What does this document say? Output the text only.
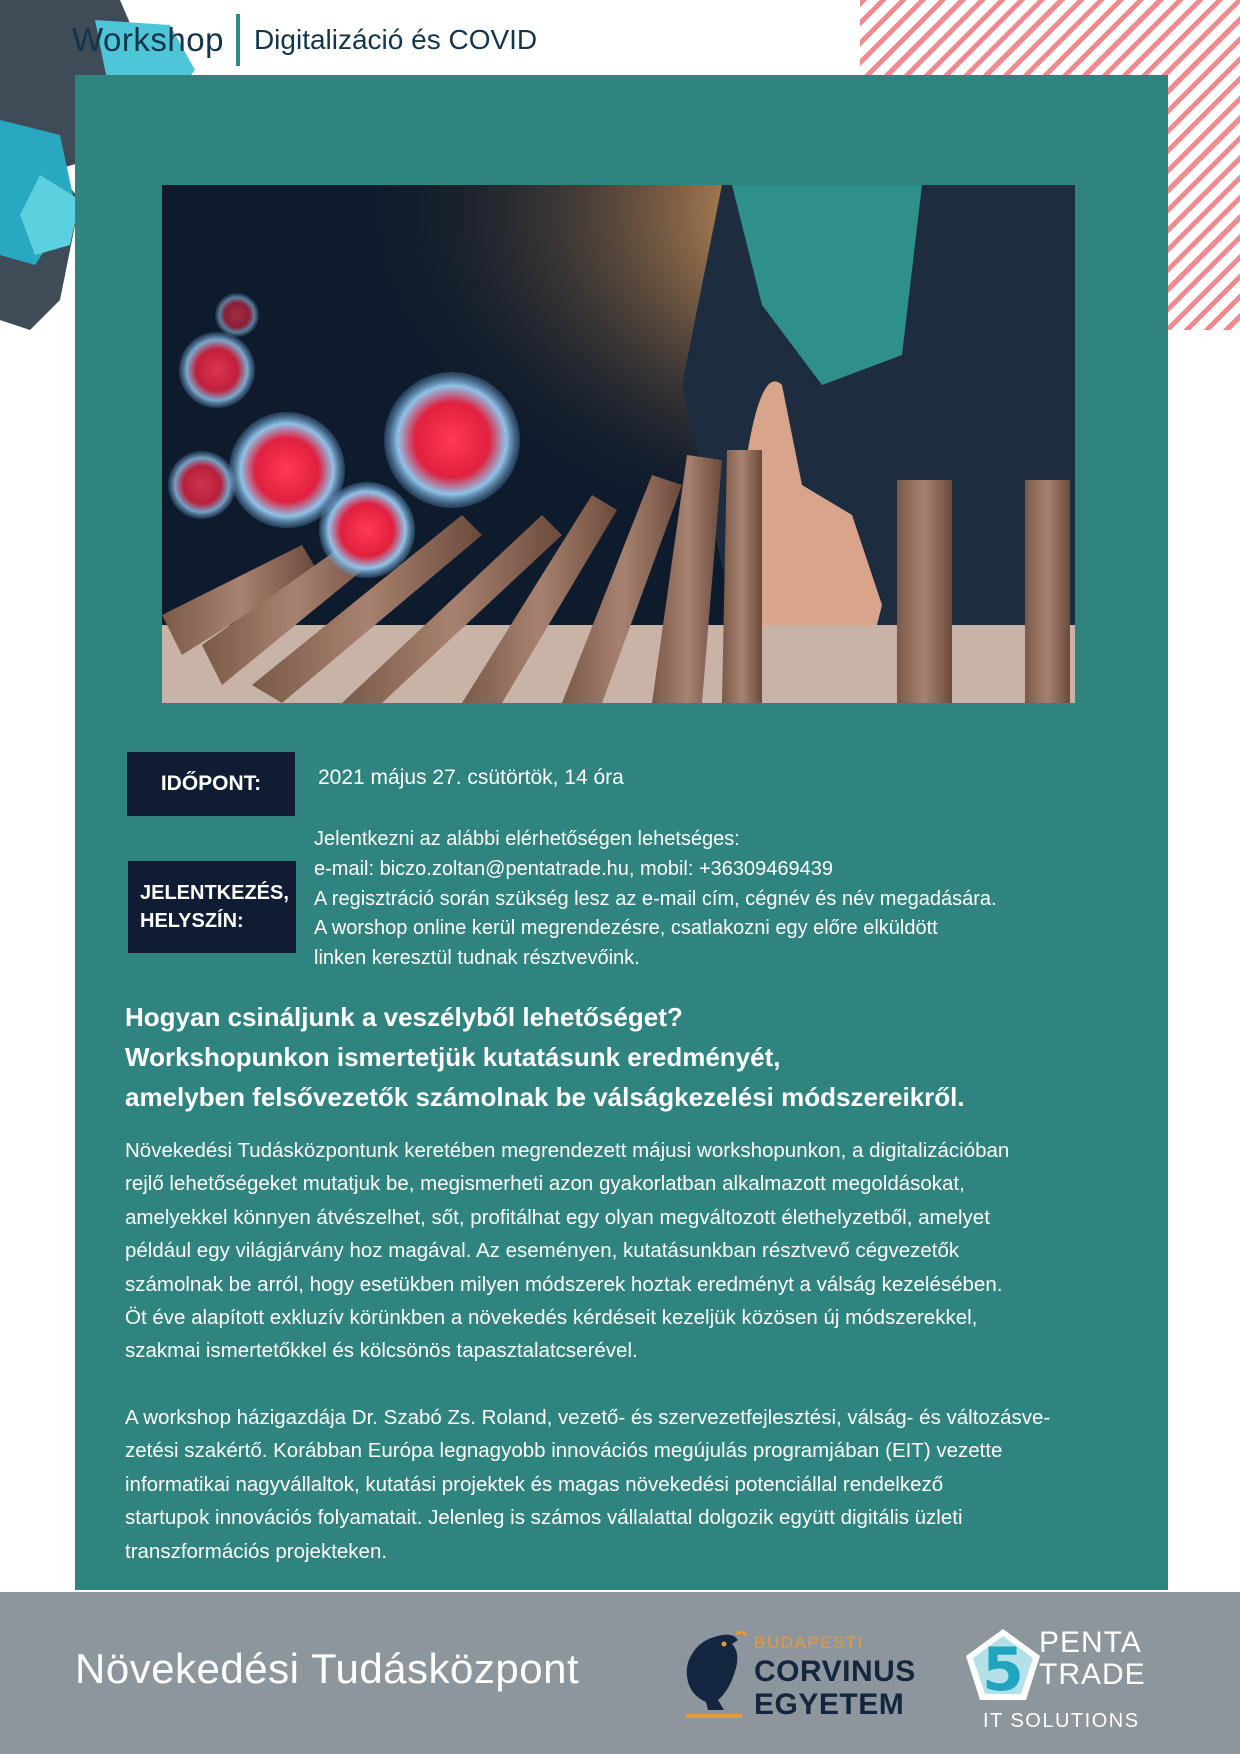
Workshop Digitalizáció és COVID
IDŐPONT:	2021 május 27. csütörtök, 14 óra
JELENTKEZÉS,
HELYSZÍN:
Jelentkezni az alábbi elérhetőségen lehetséges:
e-mail: biczo.zoltan@pentatrade.hu, mobil: +36309469439
A regisztráció során szükség lesz az e-mail cím, cégnév és név megadására.
A worshop online kerül megrendezésre, csatlakozni egy előre elküldött
linken keresztül tudnak résztvevőink.
Hogyan csináljunk a veszélyből lehetőséget?
Workshopunkon ismertetjük kutatásunk eredményét,
amelyben felsővezetők számolnak be válságkezelési módszereikről.
Növekedési Tudásközpontunk keretében megrendezett májusi workshopunkon, a digitalizációban
rejlő lehetőségeket mutatjuk be, megismerheti azon gyakorlatban alkalmazott megoldásokat,
amelyekkel könnyen átvészelhet, sőt, profitálhat egy olyan megváltozott élethelyzetből, amelyet
például egy világjárvány hoz magával. Az eseményen, kutatásunkban résztvevő cégvezetők
számolnak be arról, hogy esetükben milyen módszerek hoztak eredményt a válság kezelésében.
Öt éve alapított exkluzív körünkben a növekedés kérdéseit kezeljük közösen új módszerekkel,
szakmai ismertetőkkel és kölcsönös tapasztalatcserével.
A workshop házigazdája Dr. Szabó Zs. Roland, vezető- és szervezetfejlesztési, válság- és változásve-
zetési szakértő. Korábban Európa legnagyobb innovációs megújulás programjában (EIT) vezette
informatikai nagyvállaltok, kutatási projektek és magas növekedési potenciállal rendelkező
startupok innovációs folyamatait. Jelenleg is számos vállalattal dolgozik együtt digitális üzleti
transzformációs projekteken.
Növekedési Tudásközpont
BUDAPESTI
CORVINUS
EGYETEM 5 PENTA
TRADE
IT SOLUTIONS
